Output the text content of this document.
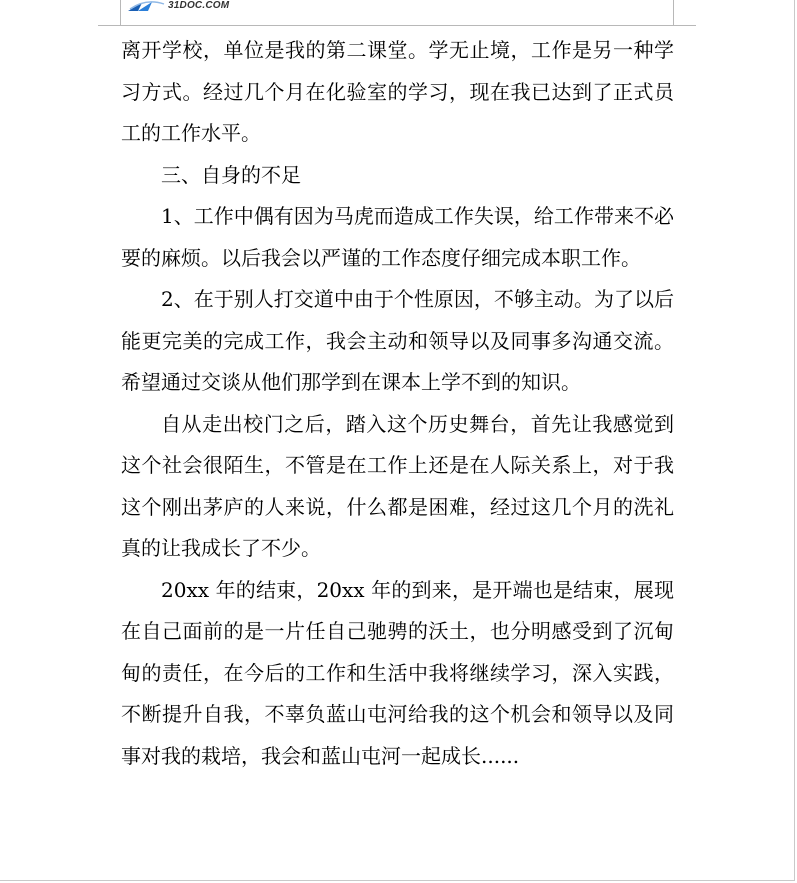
31DOC.COM

离开学校，单位是我的第二课堂。学无止境，工作是另一种学习方式。经过几个月在化验室的学习，现在我已达到了正式员工的工作水平。

三、自身的不足

1、工作中偶有因为马虎而造成工作失误，给工作带来不必要的麻烦。以后我会以严谨的工作态度仔细完成本职工作。

2、在于别人打交道中由于个性原因，不够主动。为了以后能更完美的完成工作，我会主动和领导以及同事多沟通交流。希望通过交谈从他们那学到在课本上学不到的知识。

自从走出校门之后，踏入这个历史舞台，首先让我感觉到这个社会很陌生，不管是在工作上还是在人际关系上，对于我这个刚出茅庐的人来说，什么都是困难，经过这几个月的洗礼真的让我成长了不少。

20xx 年的结束，20xx 年的到来，是开端也是结束，展现在自己面前的是一片任自己驰骋的沃土，也分明感受到了沉甸甸的责任，在今后的工作和生活中我将继续学习，深入实践，不断提升自我，不辜负蓝山屯河给我的这个机会和领导以及同事对我的栽培，我会和蓝山屯河一起成长......
